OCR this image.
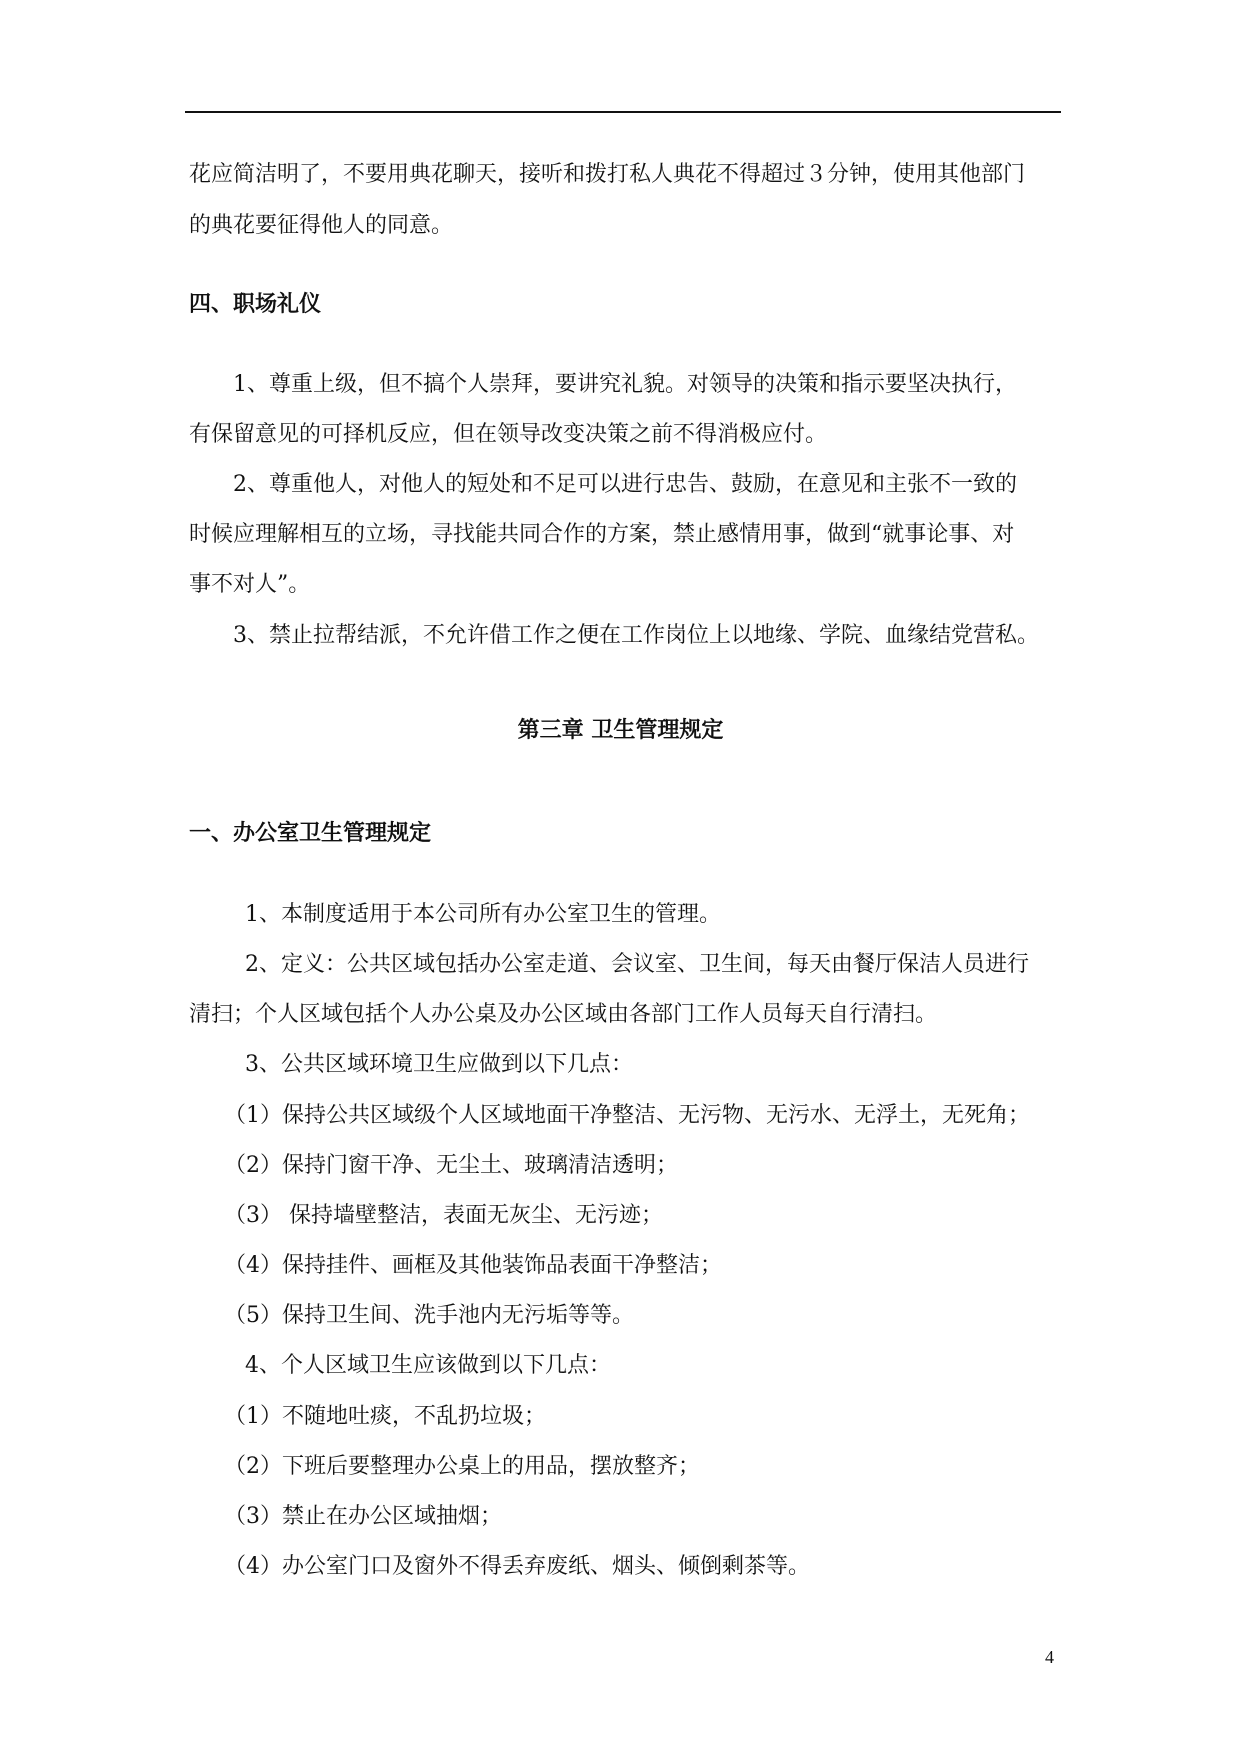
花应简洁明了，不要用典花聊天，接听和拨打私人典花不得超过３分钟，使用其他部门
的典花要征得他人的同意。
四、职场礼仪
1、尊重上级，但不搞个人崇拜，要讲究礼貌。对领导的决策和指示要坚决执行，
有保留意见的可择机反应，但在领导改变决策之前不得消极应付。
2、尊重他人，对他人的短处和不足可以进行忠告、鼓励，在意见和主张不一致的
时候应理解相互的立场，寻找能共同合作的方案，禁止感情用事，做到“就事论事、对
事不对人”。
3、禁止拉帮结派，不允许借工作之便在工作岗位上以地缘、学院、血缘结党营私。
第三章 卫生管理规定
一、办公室卫生管理规定
1、本制度适用于本公司所有办公室卫生的管理。
2、定义：公共区域包括办公室走道、会议室、卫生间，每天由餐厅保洁人员进行
清扫；个人区域包括个人办公桌及办公区域由各部门工作人员每天自行清扫。
3、公共区域环境卫生应做到以下几点：
（1）保持公共区域级个人区域地面干净整洁、无污物、无污水、无浮土，无死角；
（2）保持门窗干净、无尘土、玻璃清洁透明；
（3） 保持墙壁整洁，表面无灰尘、无污迹；
（4）保持挂件、画框及其他装饰品表面干净整洁；
（5）保持卫生间、洗手池内无污垢等等。
4、个人区域卫生应该做到以下几点：
（1）不随地吐痰，不乱扔垃圾；
（2）下班后要整理办公桌上的用品，摆放整齐；
（3）禁止在办公区域抽烟；
（4）办公室门口及窗外不得丢弃废纸、烟头、倾倒剩茶等。
4
